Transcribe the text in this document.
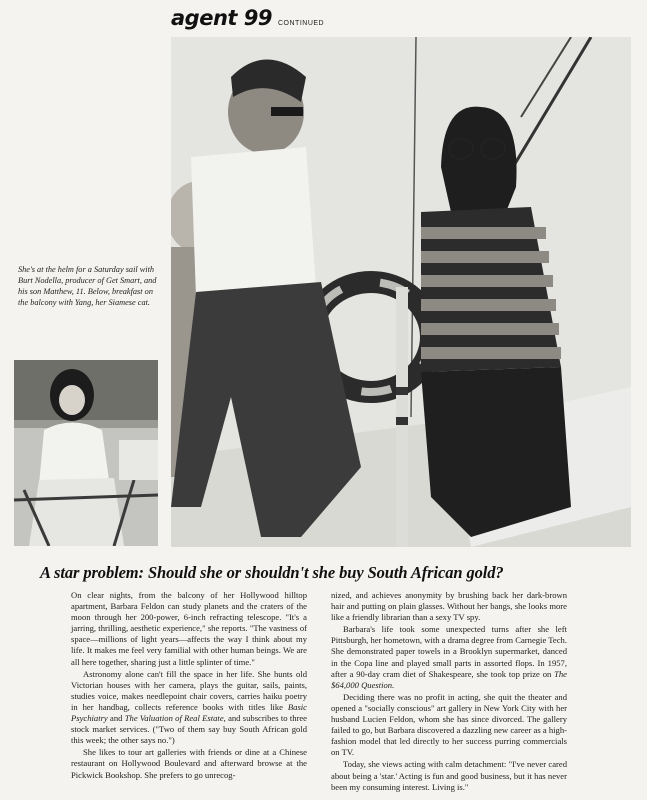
agent 99 CONTINUED
She's at the helm for a Saturday sail with Burt Nodella, producer of Get Smart, and his son Matthew, 11. Below, breakfast on the balcony with Yang, her Siamese cat.
A star problem: Should she or shouldn't she buy South African gold?

On clear nights, from the balcony of her Hollywood hilltop apartment, Barbara Feldon can study planets and the craters of the moon through her 200-power, 6-inch refracting telescope. "It's a jarring, thrilling, aesthetic experience," she reports. "The vastness of space—millions of light years—affects the way I think about my life. It makes me feel very familial with other human beings. We are all here together, sharing just a little splinter of time."

Astronomy alone can't fill the space in her life. She hunts old Victorian houses with her camera, plays the guitar, sails, paints, studies voice, makes needlepoint chair covers, carries haiku poetry in her handbag, collects reference books with titles like Basic Psychiatry and The Valuation of Real Estate, and subscribes to three stock market services. ("Two of them say buy South African gold this week; the other says no.")

She likes to tour art galleries with friends or dine at a Chinese restaurant on Hollywood Boulevard and afterward browse at the Pickwick Bookshop. She prefers to go unrecog-

nized, and achieves anonymity by brushing back her dark-brown hair and putting on plain glasses. Without her bangs, she looks more like a friendly librarian than a sexy TV spy.

Barbara's life took some unexpected turns after she left Pittsburgh, her hometown, with a drama degree from Carnegie Tech. She demonstrated paper towels in a Brooklyn supermarket, danced in the Copa line and played small parts in assorted flops. In 1957, after a 90-day cram diet of Shakespeare, she took top prize on The $64,000 Question.

Deciding there was no profit in acting, she quit the theater and opened a "socially conscious" art gallery in New York City with her husband Lucien Feldon, whom she has since divorced. The gallery failed to go, but Barbara discovered a dazzling new career as a high-fashion model that led directly to her success purring commercials on TV.

Today, she views acting with calm detachment: "I've never cared about being a 'star.' Acting is fun and good business, but it has never been my consuming interest. Living is."
